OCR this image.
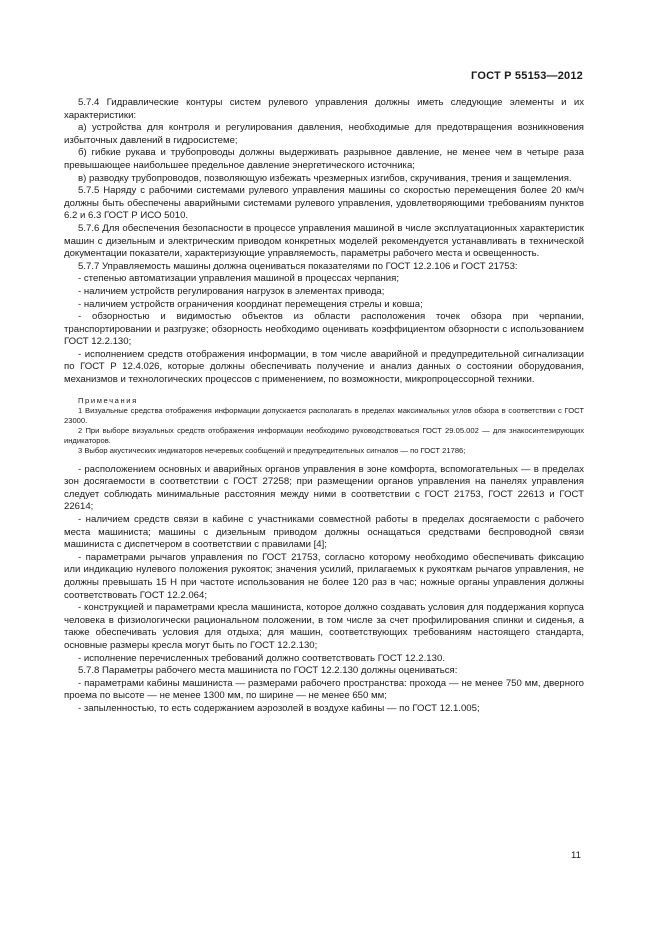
ГОСТ Р 55153—2012

5.7.4 Гидравлические контуры систем рулевого управления должны иметь следующие элементы и их характеристики:

а) устройства для контроля и регулирования давления, необходимые для предотвращения возникновения избыточных давлений в гидросистеме;

б) гибкие рукава и трубопроводы должны выдерживать разрывное давление, не менее чем в четыре раза превышающее наибольшее предельное давление энергетического источника;

в) разводку трубопроводов, позволяющую избежать чрезмерных изгибов, скручивания, трения и защемления.

5.7.5 Наряду с рабочими системами рулевого управления машины со скоростью перемещения более 20 км/ч должны быть обеспечены аварийными системами рулевого управления, удовлетворяющими требованиям пунктов 6.2 и 6.3 ГОСТ Р ИСО 5010.

5.7.6 Для обеспечения безопасности в процессе управления машиной в числе эксплуатационных характеристик машин с дизельным и электрическим приводом конкретных моделей рекомендуется устанавливать в технической документации показатели, характеризующие управляемость, параметры рабочего места и освещенность.

5.7.7 Управляемость машины должна оцениваться показателями по ГОСТ 12.2.106 и ГОСТ 21753:

- степенью автоматизации управления машиной в процессах черпания;

- наличием устройств регулирования нагрузок в элементах привода;

- наличием устройств ограничения координат перемещения стрелы и ковша;

- обзорностью и видимостью объектов из области расположения точек обзора при черпании, транспортировании и разгрузке; обзорность необходимо оценивать коэффициентом обзорности с использованием ГОСТ 12.2.130;

- исполнением средств отображения информации, в том числе аварийной и предупредительной сигнализации по ГОСТ Р 12.4.026, которые должны обеспечивать получение и анализ данных о состоянии оборудования, механизмов и технологических процессов с применением, по возможности, микропроцессорной техники.

Примечания

1 Визуальные средства отображения информации допускается располагать в пределах максимальных углов обзора в соответствии с ГОСТ 23000.

2 При выборе визуальных средств отображения информации необходимо руководствоваться ГОСТ 29.05.002 — для знакосинтезирующих индикаторов.

3 Выбор акустических индикаторов нечеревых сообщений и предупредительных сигналов — по ГОСТ 21786;

- расположением основных и аварийных органов управления в зоне комфорта, вспомогательных — в пределах зон досягаемости в соответствии с ГОСТ 27258; при размещении органов управления на панелях управления следует соблюдать минимальные расстояния между ними в соответствии с ГОСТ 21753, ГОСТ 22613 и ГОСТ 22614;

- наличием средств связи в кабине с участниками совместной работы в пределах досягаемости с рабочего места машиниста; машины с дизельным приводом должны оснащаться средствами беспроводной связи машиниста с диспетчером в соответствии с правилами [4];

- параметрами рычагов управления по ГОСТ 21753, согласно которому необходимо обеспечивать фиксацию или индикацию нулевого положения рукояток; значения усилий, прилагаемых к рукояткам рычагов управления, не должны превышать 15 Н при частоте использования не более 120 раз в час; ножные органы управления должны соответствовать ГОСТ 12.2.064;

- конструкцией и параметрами кресла машиниста, которое должно создавать условия для поддержания корпуса человека в физиологически рациональном положении, в том числе за счет профилирования спинки и сиденья, а также обеспечивать условия для отдыха; для машин, соответствующих требованиям настоящего стандарта, основные размеры кресла могут быть по ГОСТ 12.2.130;

- исполнение перечисленных требований должно соответствовать ГОСТ 12.2.130.

5.7.8 Параметры рабочего места машиниста по ГОСТ 12.2.130 должны оцениваться:

- параметрами кабины машиниста — размерами рабочего пространства: прохода — не менее 750 мм, дверного проема по высоте — не менее 1300 мм, по ширине — не менее 650 мм;

- запыленностью, то есть содержанием аэрозолей в воздухе кабины — по ГОСТ 12.1.005;

11
